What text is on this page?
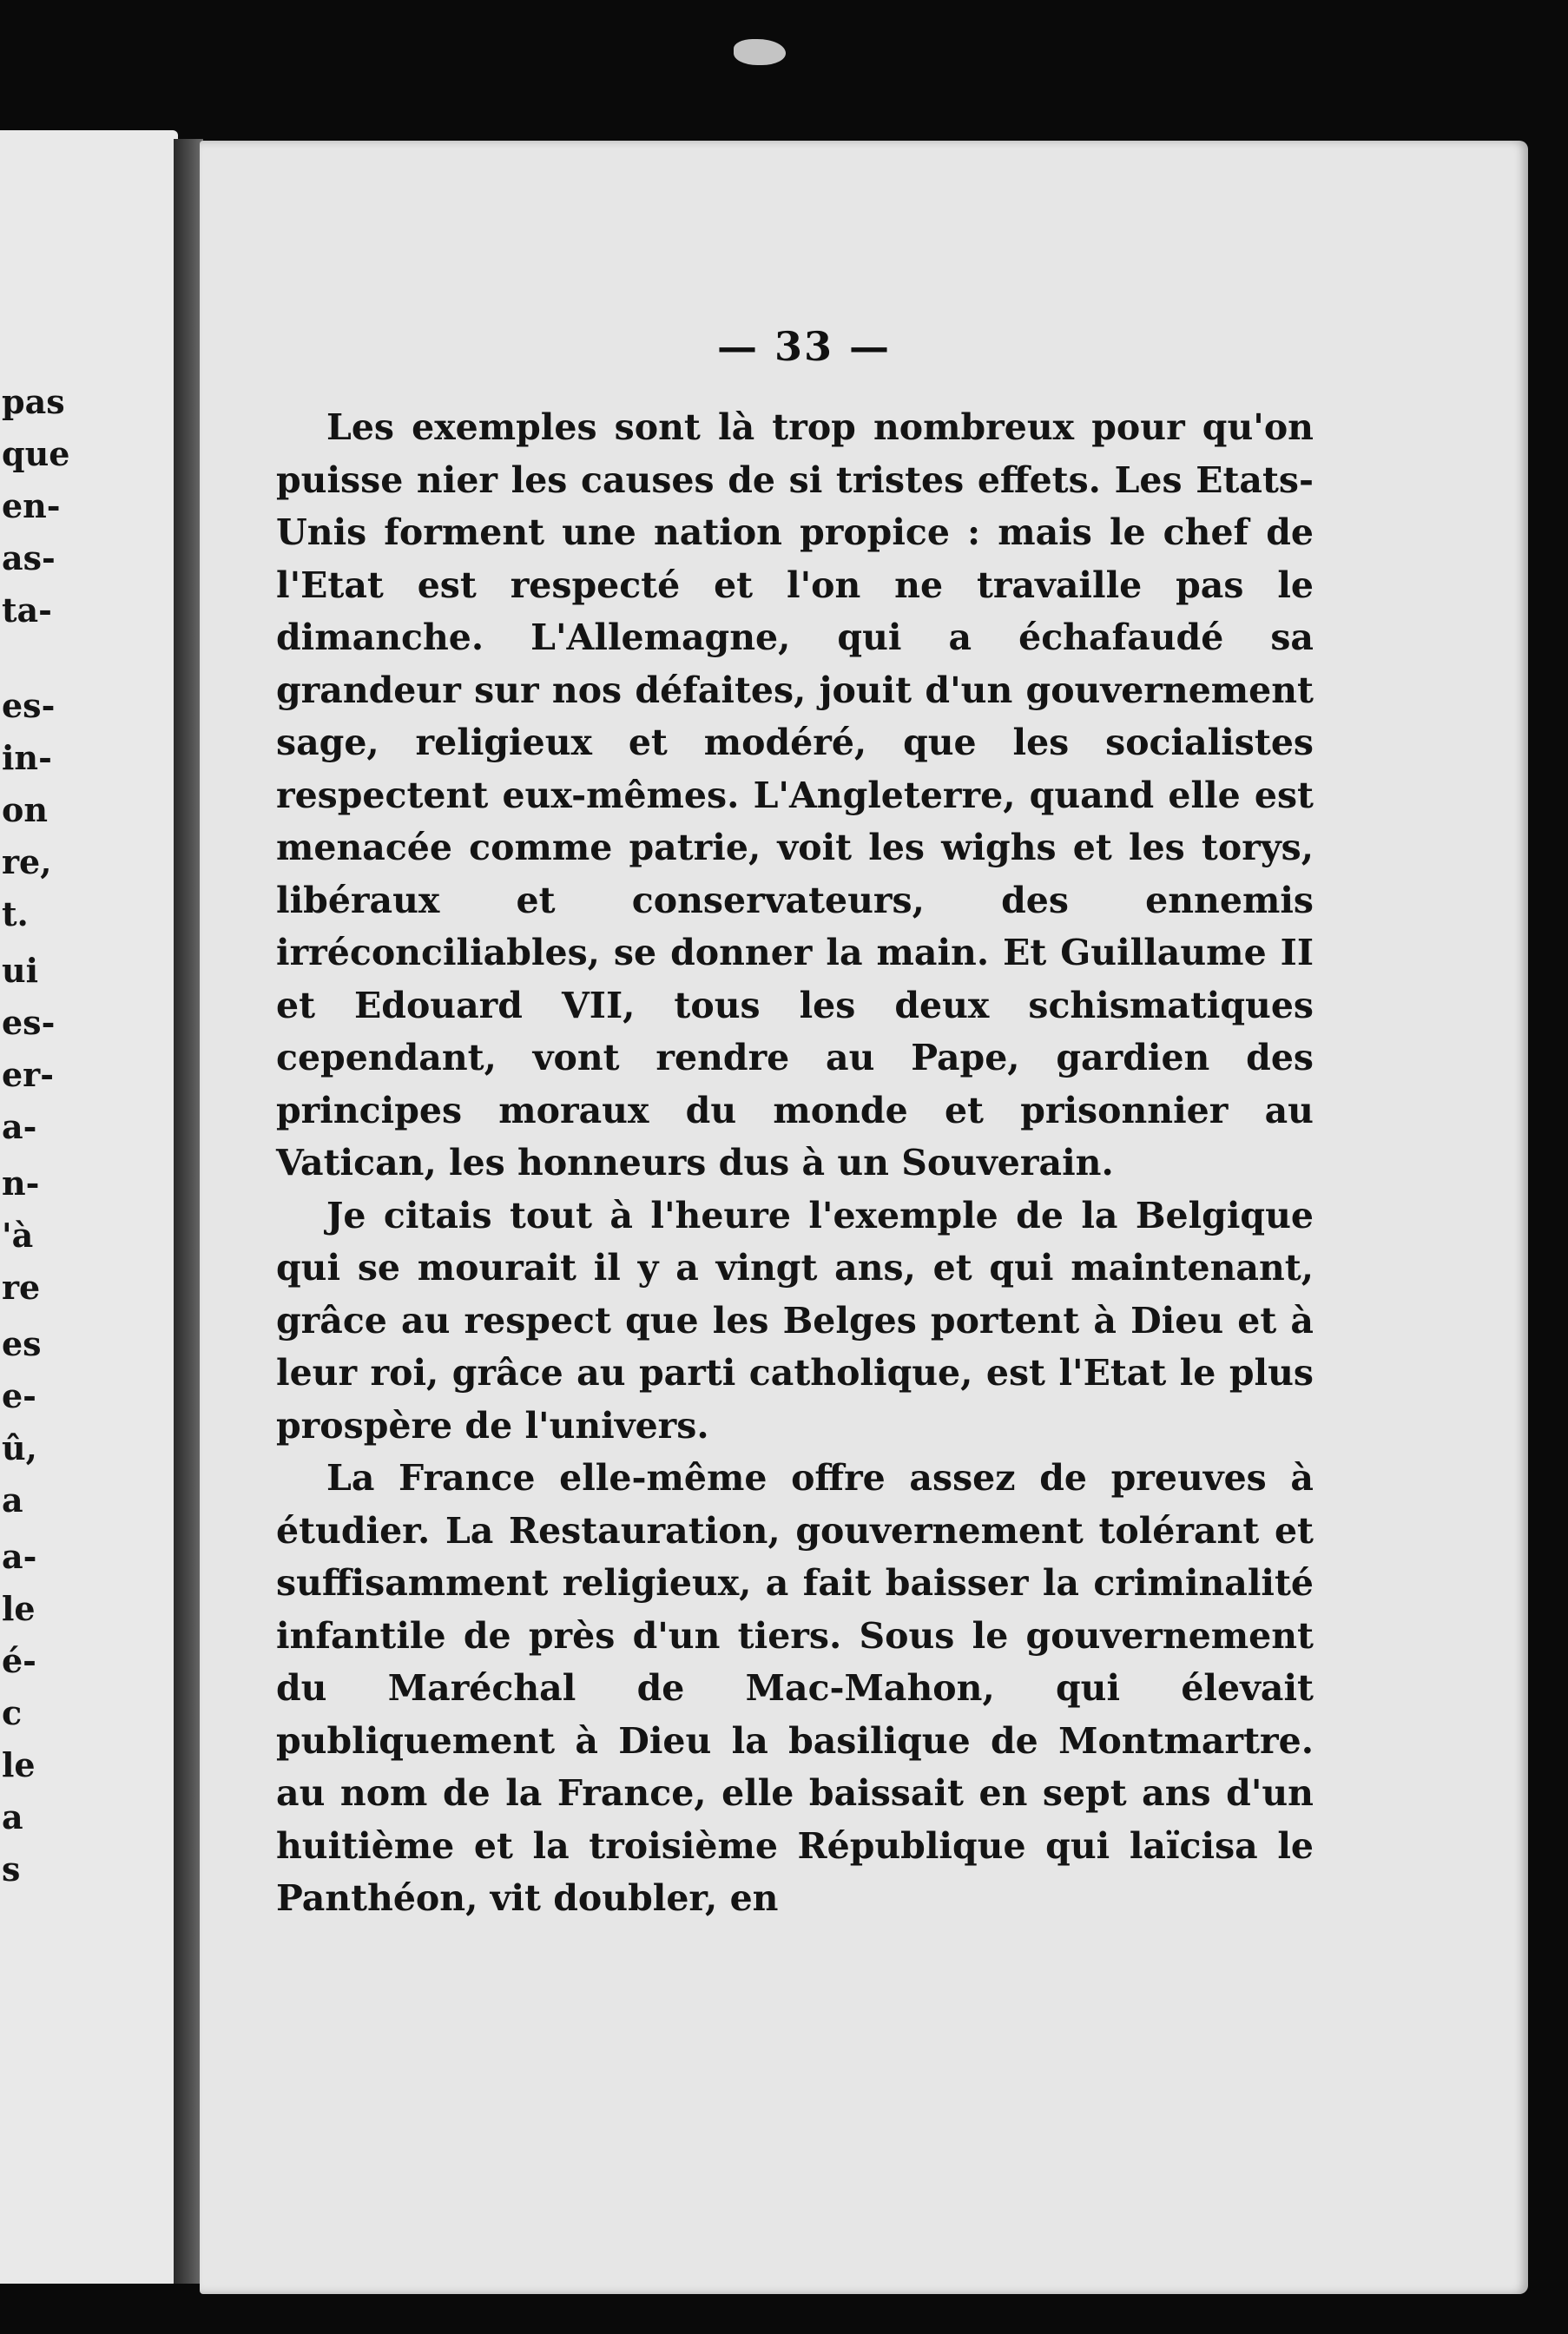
pas
que
en-
as-
ta-
es-
in-
on
re,
t.
ui
es-
er-
a-
n-
'à
re
es
e-
û,
a
a-
le
é-
c
le
a
s
— 33 —

Les exemples sont là trop nombreux pour qu'on puisse nier les causes de si tristes effets. Les Etats-Unis forment une nation propice : mais le chef de l'Etat est respecté et l'on ne travaille pas le dimanche. L'Allemagne, qui a échafaudé sa grandeur sur nos défaites, jouit d'un gouvernement sage, religieux et modéré, que les socialistes respectent eux-mêmes. L'Angleterre, quand elle est menacée comme patrie, voit les wighs et les torys, libéraux et conservateurs, des ennemis irréconciliables, se donner la main. Et Guillaume II et Edouard VII, tous les deux schismatiques cependant, vont rendre au Pape, gardien des principes moraux du monde et prisonnier au Vatican, les honneurs dus à un Souverain.

Je citais tout à l'heure l'exemple de la Belgique qui se mourait il y a vingt ans, et qui maintenant, grâce au respect que les Belges portent à Dieu et à leur roi, grâce au parti catholique, est l'Etat le plus prospère de l'univers.

La France elle-même offre assez de preuves à étudier. La Restauration, gouvernement tolérant et suffisamment religieux, a fait baisser la criminalité infantile de près d'un tiers. Sous le gouvernement du Maréchal de Mac-Mahon, qui élevait publiquement à Dieu la basilique de Montmartre. au nom de la France, elle baissait en sept ans d'un huitième et la troisième République qui laïcisa le Panthéon, vit doubler, en
